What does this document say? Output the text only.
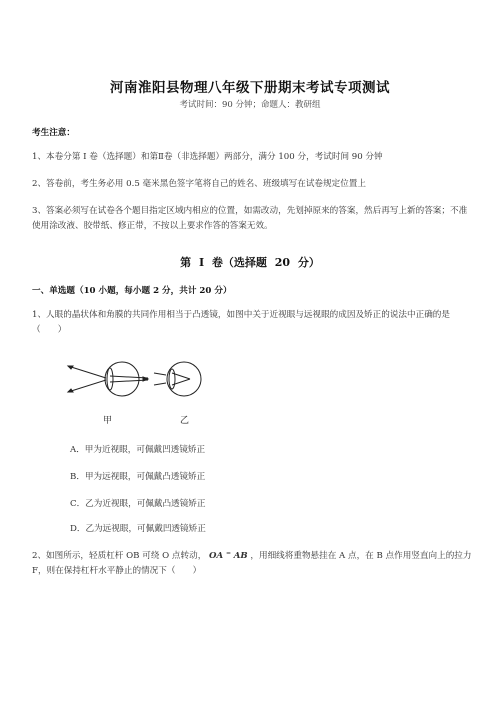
河南淮阳县物理八年级下册期末考试专项测试
考试时间：90 分钟；命题人：教研组
考生注意：
1、本卷分第 I 卷（选择题）和第Ⅱ卷（非选择题）两部分，满分 100 分，考试时间 90 分钟
2、答卷前，考生务必用 0.5 毫米黑色签字笔将自己的姓名、班级填写在试卷规定位置上
3、答案必须写在试卷各个题目指定区域内相应的位置，如需改动，先划掉原来的答案，然后再写上新的答案；不准使用涂改液、胶带纸、修正带，不按以上要求作答的答案无效。
第 I 卷（选择题 20 分）
一、单选题（10 小题，每小题 2 分，共计 20 分）
1、人眼的晶状体和角膜的共同作用相当于凸透镜，如图中关于近视眼与远视眼的成因及矫正的说法中正确的是（　　）
甲	乙
A．甲为近视眼，可佩戴凹透镜矫正
B．甲为远视眼，可佩戴凸透镜矫正
C．乙为近视眼，可佩戴凸透镜矫正
D．乙为远视眼，可佩戴凹透镜矫正
2、如图所示，轻质杠杆 OB 可绕 O 点转动， OA = AB ，用细线将重物悬挂在 A 点，在 B 点作用竖直向上的拉力 F，则在保持杠杆水平静止的情况下（　　）
